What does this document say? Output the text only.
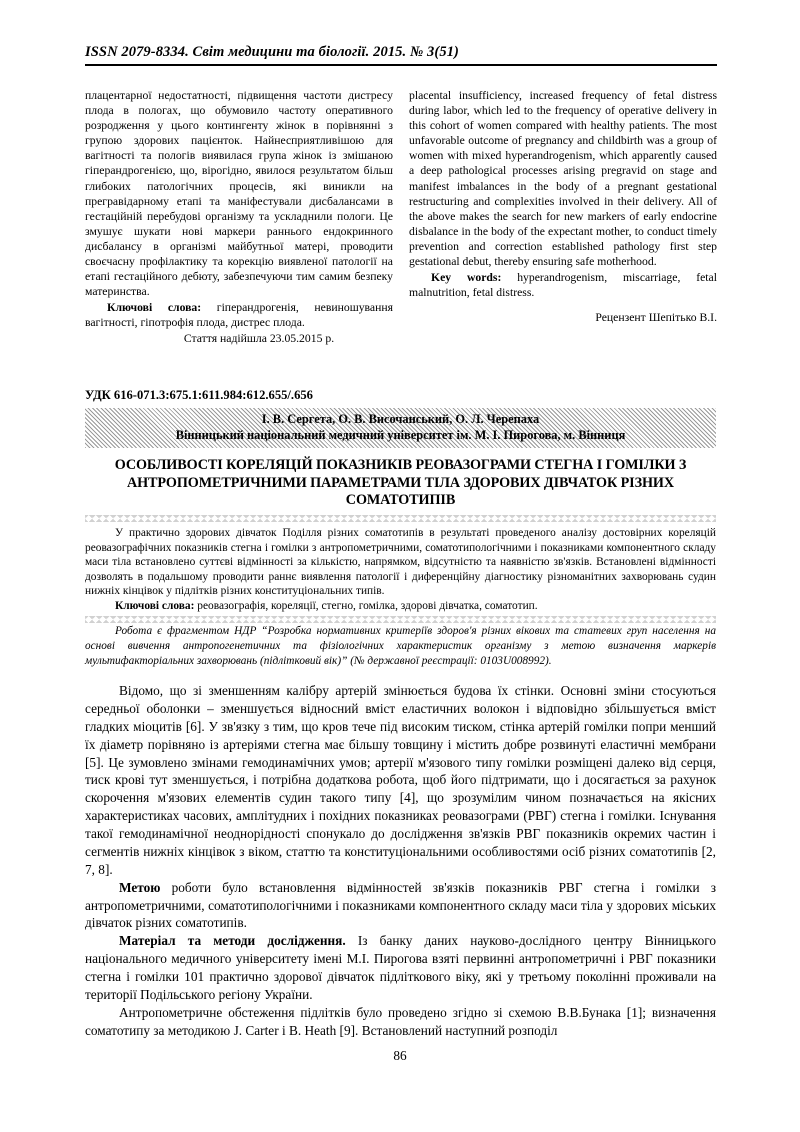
ISSN 2079-8334. Світ медицини та біології. 2015. № 3(51)

плацентарної недостатності, підвищення частоти дистресу плода в пологах, що обумовило частоту оперативного розродження у цього контингенту жінок в порівнянні з групою здорових пацієнток. Найнесприятливішою для вагітності та пологів виявилася група жінок із змішаною гіперандрогенією, що, вірогідно, явилося результатом більш глибоких патологічних процесів, які виникли на прегравідарному етапі та маніфестували дисбалансами в гестаційній перебудові організму та ускладнили пологи. Це змушує шукати нові маркери раннього ендокринного дисбалансу в організмі майбутньої матері, проводити своєчасну профілактику та корекцію виявленої патології на етапі гестаційного дебюту, забезпечуючи тим самим безпеку материнства.

Ключові слова: гіперандрогенія, невиношування вагітності, гіпотрофія плода, дистрес плода.

Стаття надійшла 23.05.2015 р.

placental insufficiency, increased frequency of fetal distress during labor, which led to the frequency of operative delivery in this cohort of women compared with healthy patients. The most unfavorable outcome of pregnancy and childbirth was a group of women with mixed hyperandrogenism, which apparently caused a deep pathological processes arising pregravid on stage and manifest imbalances in the body of a pregnant gestational restructuring and complexities involved in their delivery. All of the above makes the search for new markers of early endocrine disbalance in the body of the expectant mother, to conduct timely prevention and correction established pathology first step gestational debut, thereby ensuring safe motherhood.

Key words: hyperandrogenism, miscarriage, fetal malnutrition, fetal distress.

Рецензент Шепітько В.І.
УДК 616-071.3:675.1:611.984:612.655/.656
І. В. Сергета, О. В. Височанський, О. Л. Черепаха
Вінницький національний медичний університет ім. М. І. Пирогова, м. Вінниця
ОСОБЛИВОСТІ КОРЕЛЯЦІЙ ПОКАЗНИКІВ РЕОВАЗОГРАМИ СТЕГНА І ГОМІЛКИ З АНТРОПОМЕТРИЧНИМИ ПАРАМЕТРАМИ ТІЛА ЗДОРОВИХ ДІВЧАТОК РІЗНИХ СОМАТОТИПІВ

У практично здорових дівчаток Поділля різних соматотипів в результаті проведеного аналізу достовірних кореляцій реовазографічних показників стегна і гомілки з антропометричними, соматотипологічними і показниками компонентного складу маси тіла встановлено суттєві відмінності за кількістю, напрямком, відсутністю та наявністю зв'язків. Встановлені відмінності дозволять в подальшому проводити раннє виявлення патології і диференційну діагностику різноманітних захворювань судин нижніх кінцівок у підлітків різних конституціональних типів.

Ключові слова: реовазографія, кореляції, стегно, гомілка, здорові дівчатка, соматотип.

Робота є фрагментом НДР “Розробка нормативних критеріїв здоров'я різних вікових та статевих груп населення на основі вивчення антропогенетичних та фізіологічних характеристик організму з метою визначення маркерів мультифакторіальних захворювань (підлітковий вік)” (№ державної реєстрації: 0103U008992).

Відомо, що зі зменшенням калібру артерій змінюється будова їх стінки. Основні зміни стосуються середньої оболонки – зменшується відносний вміст еластичних волокон і відповідно збільшується вміст гладких міоцитів [6]. У зв'язку з тим, що кров тече під високим тиском, стінка артерій гомілки попри менший їх діаметр порівняно із артеріями стегна має більшу товщину і містить добре розвинуті еластичні мембрани [5]. Це зумовлено змінами гемодинамічних умов; артерії м'язового типу гомілки розміщені далеко від серця, тиск крові тут зменшується, і потрібна додаткова робота, щоб його підтримати, що і досягається за рахунок скорочення м'язових елементів судин такого типу [4], що зрозумілим чином позначається на якісних характеристиках часових, амплітудних і похідних показниках реовазограми (РВГ) стегна і гомілки. Існування такої гемодинамічної неоднорідності спонукало до дослідження зв'язків РВГ показників окремих частин і сегментів нижніх кінцівок з віком, статтю та конституціональними особливостями осіб різних соматотипів [2, 7, 8].

Метою роботи було встановлення відмінностей зв'язків показників РВГ стегна і гомілки з антропометричними, соматотипологічними і показниками компонентного складу маси тіла у здорових міських дівчаток різних соматотипів.

Матеріал та методи дослідження. Із банку даних науково-дослідного центру Вінницького національного медичного університету імені М.І. Пирогова взяті первинні антропометричні і РВГ показники стегна і гомілки 101 практично здорової дівчаток підліткового віку, які у третьому поколінні проживали на території Подільського регіону України.

Антропометричне обстеження підлітків було проведено згідно зі схемою В.В.Бунака [1]; визначення соматотипу за методикою J. Carter і B. Heath [9]. Встановлений наступний розподіл

86
